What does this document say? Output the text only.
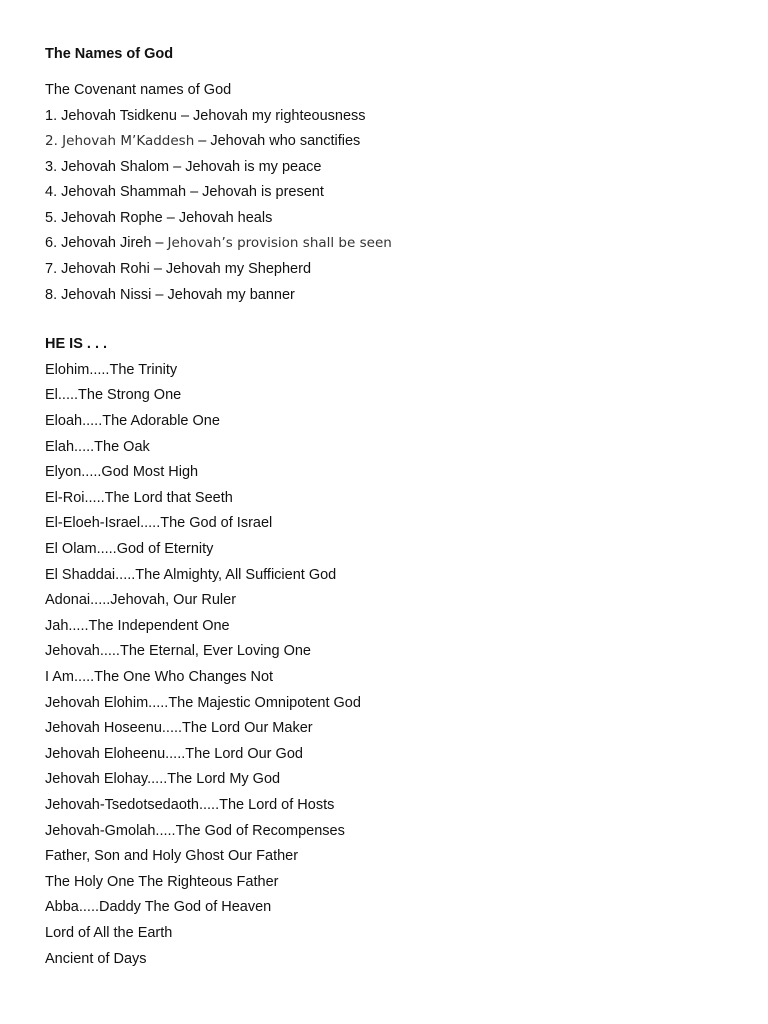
The Names of God
The Covenant names of God
1. Jehovah Tsidkenu – Jehovah my righteousness
2. Jehovah M’Kaddesh – Jehovah who sanctifies
3. Jehovah Shalom – Jehovah is my peace
4. Jehovah Shammah – Jehovah is present
5. Jehovah Rophe – Jehovah heals
6. Jehovah Jireh – Jehovah’s provision shall be seen
7. Jehovah Rohi – Jehovah my Shepherd
8. Jehovah Nissi – Jehovah my banner
HE IS . . .
Elohim.....The Trinity
El.....The Strong One
Eloah.....The Adorable One
Elah.....The Oak
Elyon.....God Most High
El-Roi.....The Lord that Seeth
El-Eloeh-Israel.....The God of Israel
El Olam.....God of Eternity
El Shaddai.....The Almighty, All Sufficient God
Adonai.....Jehovah, Our Ruler
Jah.....The Independent One
Jehovah.....The Eternal, Ever Loving One
I Am.....The One Who Changes Not
Jehovah Elohim.....The Majestic Omnipotent God
Jehovah Hoseenu.....The Lord Our Maker
Jehovah Eloheenu.....The Lord Our God
Jehovah Elohay.....The Lord My God
Jehovah-Tsedotsedaoth.....The Lord of Hosts
Jehovah-Gmolah.....The God of Recompenses
Father, Son and Holy Ghost Our Father
The Holy One The Righteous Father
Abba.....Daddy The God of Heaven
Lord of All the Earth
Ancient of Days
